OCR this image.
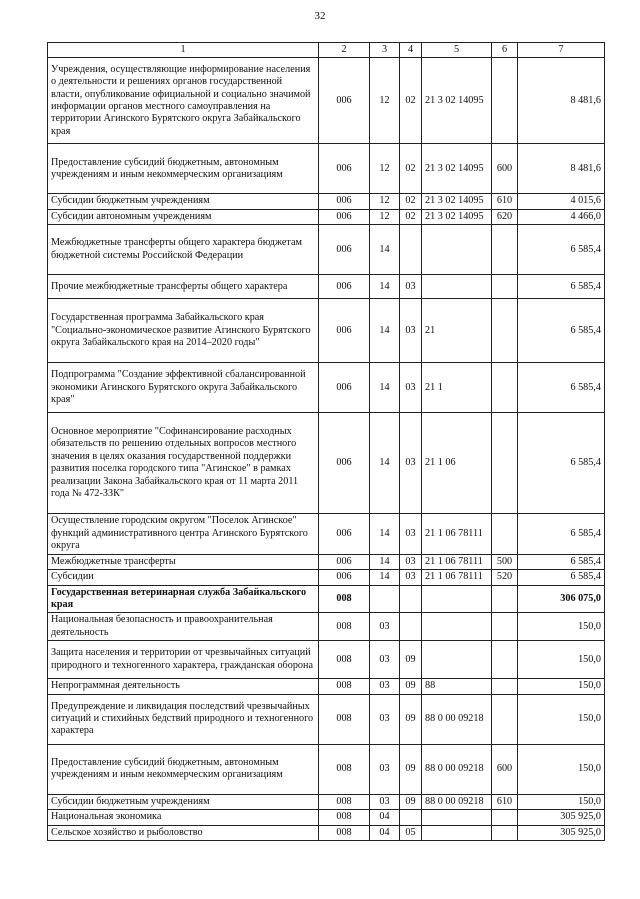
32
1	2	3	4	5	6	7
Учреждения, осуществляющие информирование населения о деятельности и решениях органов государственной власти, опубликование официальной и социально значимой информации органов местного самоуправления на территории Агинского Бурятского округа Забайкальского края	006	12	02	21 3 02 14095		8 481,6
Предоставление субсидий бюджетным, автономным учреждениям и иным некоммерческим организациям	006	12	02	21 3 02 14095	600	8 481,6
Субсидии бюджетным учреждениям	006	12	02	21 3 02 14095	610	4 015,6
Субсидии автономным учреждениям	006	12	02	21 3 02 14095	620	4 466,0
Межбюджетные трансферты общего характера бюджетам бюджетной системы Российской Федерации	006	14				6 585,4
Прочие межбюджетные трансферты общего характера	006	14	03			6 585,4
Государственная программа Забайкальского края "Социально-экономическое развитие Агинского Бурятского округа Забайкальского края на 2014–2020 годы"	006	14	03	21		6 585,4
Подпрограмма "Создание эффективной сбалансированной экономики Агинского Бурятского округа Забайкальского края"	006	14	03	21 1		6 585,4
Основное мероприятие "Софинансирование расходных обязательств по решению отдельных вопросов местного значения в целях оказания государственной поддержки развития поселка городского типа "Агинское" в рамках реализации Закона Забайкальского края от 11 марта 2011 года № 472-ЗЗК"	006	14	03	21 1 06		6 585,4
Осуществление городским округом "Поселок Агинское" функций административного центра Агинского Бурятского округа	006	14	03	21 1 06 78111		6 585,4
Межбюджетные трансферты	006	14	03	21 1 06 78111	500	6 585,4
Субсидии	006	14	03	21 1 06 78111	520	6 585,4
Государственная ветеринарная служба Забайкальского края	008					306 075,0
Национальная безопасность и правоохранительная деятельность	008	03				150,0
Защита населения и территории от чрезвычайных ситуаций природного и техногенного характера, гражданская оборона	008	03	09			150,0
Непрограммная деятельность	008	03	09	88		150,0
Предупреждение и ликвидация последствий чрезвычайных ситуаций и стихийных бедствий природного и техногенного характера	008	03	09	88 0 00 09218		150,0
Предоставление субсидий бюджетным, автономным учреждениям и иным некоммерческим организациям	008	03	09	88 0 00 09218	600	150,0
Субсидии бюджетным учреждениям	008	03	09	88 0 00 09218	610	150,0
Национальная экономика	008	04				305 925,0
Сельское хозяйство и рыболовство	008	04	05			305 925,0
